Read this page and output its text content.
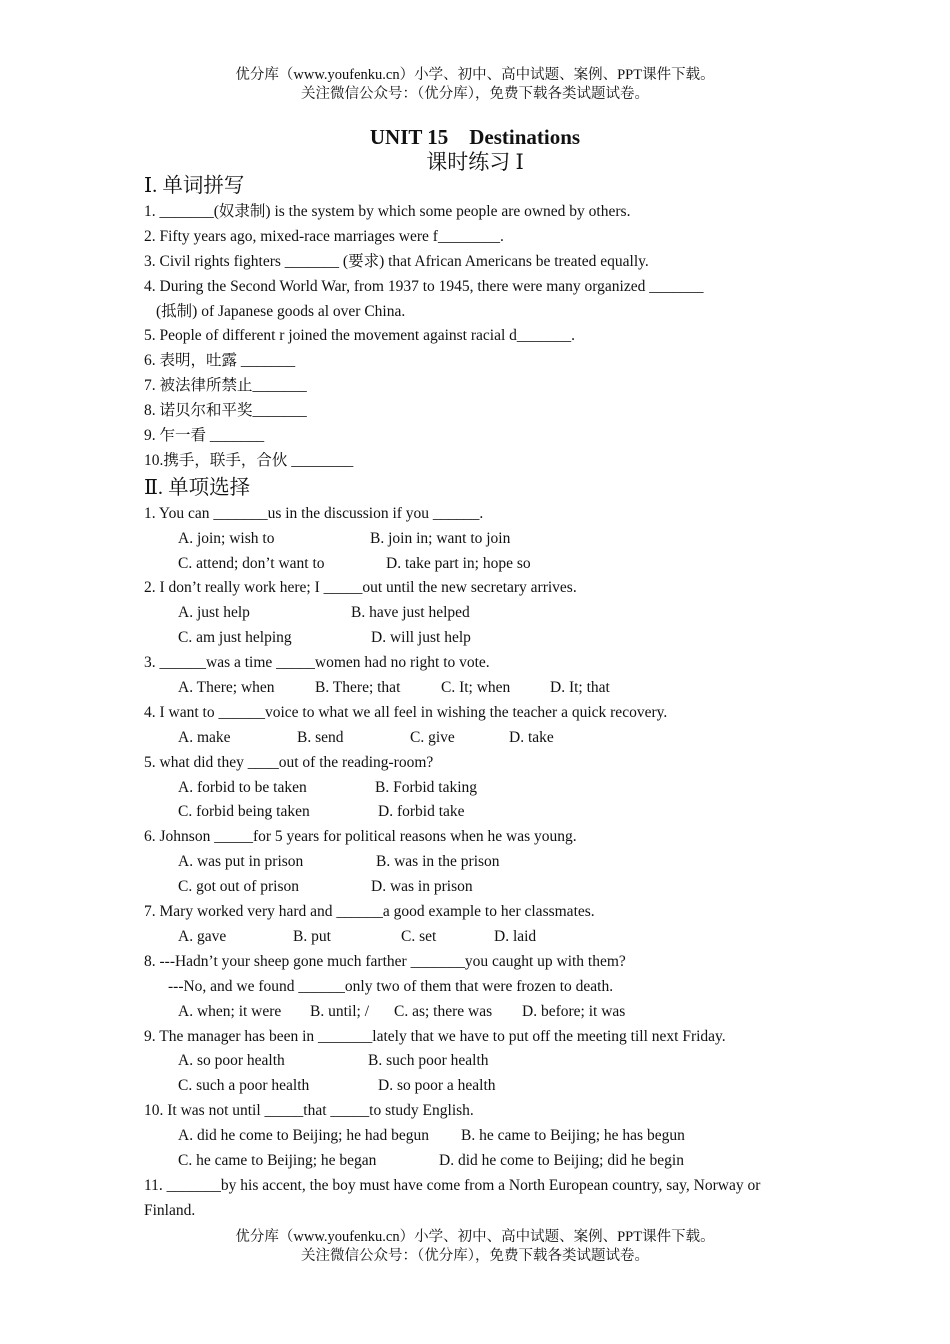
优分库（www.youfenku.cn）小学、初中、高中试题、案例、PPT课件下载。
关注微信公众号：（优分库），免费下载各类试题试卷。
UNIT 15    Destinations
课时练习 Ⅰ
Ⅰ. 单词拼写
1. _______(奴隶制) is the system by which some people are owned by others.
2. Fifty years ago, mixed-race marriages were f________.
3. Civil rights fighters _______ (要求) that African Americans be treated equally.
4. During the Second World War, from 1937 to 1945, there were many organized _______
(抵制) of Japanese goods al over China.
5. People of different r joined the movement against racial d_______.
6. 表明，吐露 _______
7. 被法律所禁止_______
8. 诺贝尔和平奖_______
9. 乍一看 _______
10.携手，联手，合伙 ________
Ⅱ. 单项选择
1. You can _______us in the discussion if you ______.
A. join; wish to	B. join in; want to join
C. attend; don’t want to	D. take part in; hope so
2. I don’t really work here; I _____out until the new secretary arrives.
A. just help	B. have just helped
C. am just helping	D. will just help
3. ______was a time _____women had no right to vote.
A. There; when	B. There; that	C. It; when	D. It; that
4. I want to ______voice to what we all feel in wishing the teacher a quick recovery.
A. make	B. send	C. give	D. take
5. what did they ____out of the reading-room?
A. forbid to be taken	B. Forbid taking
C. forbid being taken	D. forbid take
6. Johnson _____for 5 years for political reasons when he was young.
A. was put in prison	B. was in the prison
C. got out of prison	D. was in prison
7. Mary worked very hard and ______a good example to her classmates.
A. gave	B. put	C. set	D. laid
8. ---Hadn’t your sheep gone much farther _______you caught up with them?
---No, and we found ______only two of them that were frozen to death.
A. when; it were B. until; / C. as; there was D. before; it was
9. The manager has been in _______lately that we have to put off the meeting till next Friday.
A. so poor health	B. such poor health
C. such a poor health	D. so poor a health
10. It was not until _____that _____to study English.
A. did he come to Beijing; he had begun B. he came to Beijing; he has begun
C. he came to Beijing; he began	D. did he come to Beijing; did he begin
11. _______by his accent, the boy must have come from a North European country, say, Norway or Finland.
优分库（www.youfenku.cn）小学、初中、高中试题、案例、PPT课件下载。
关注微信公众号：（优分库），免费下载各类试题试卷。
